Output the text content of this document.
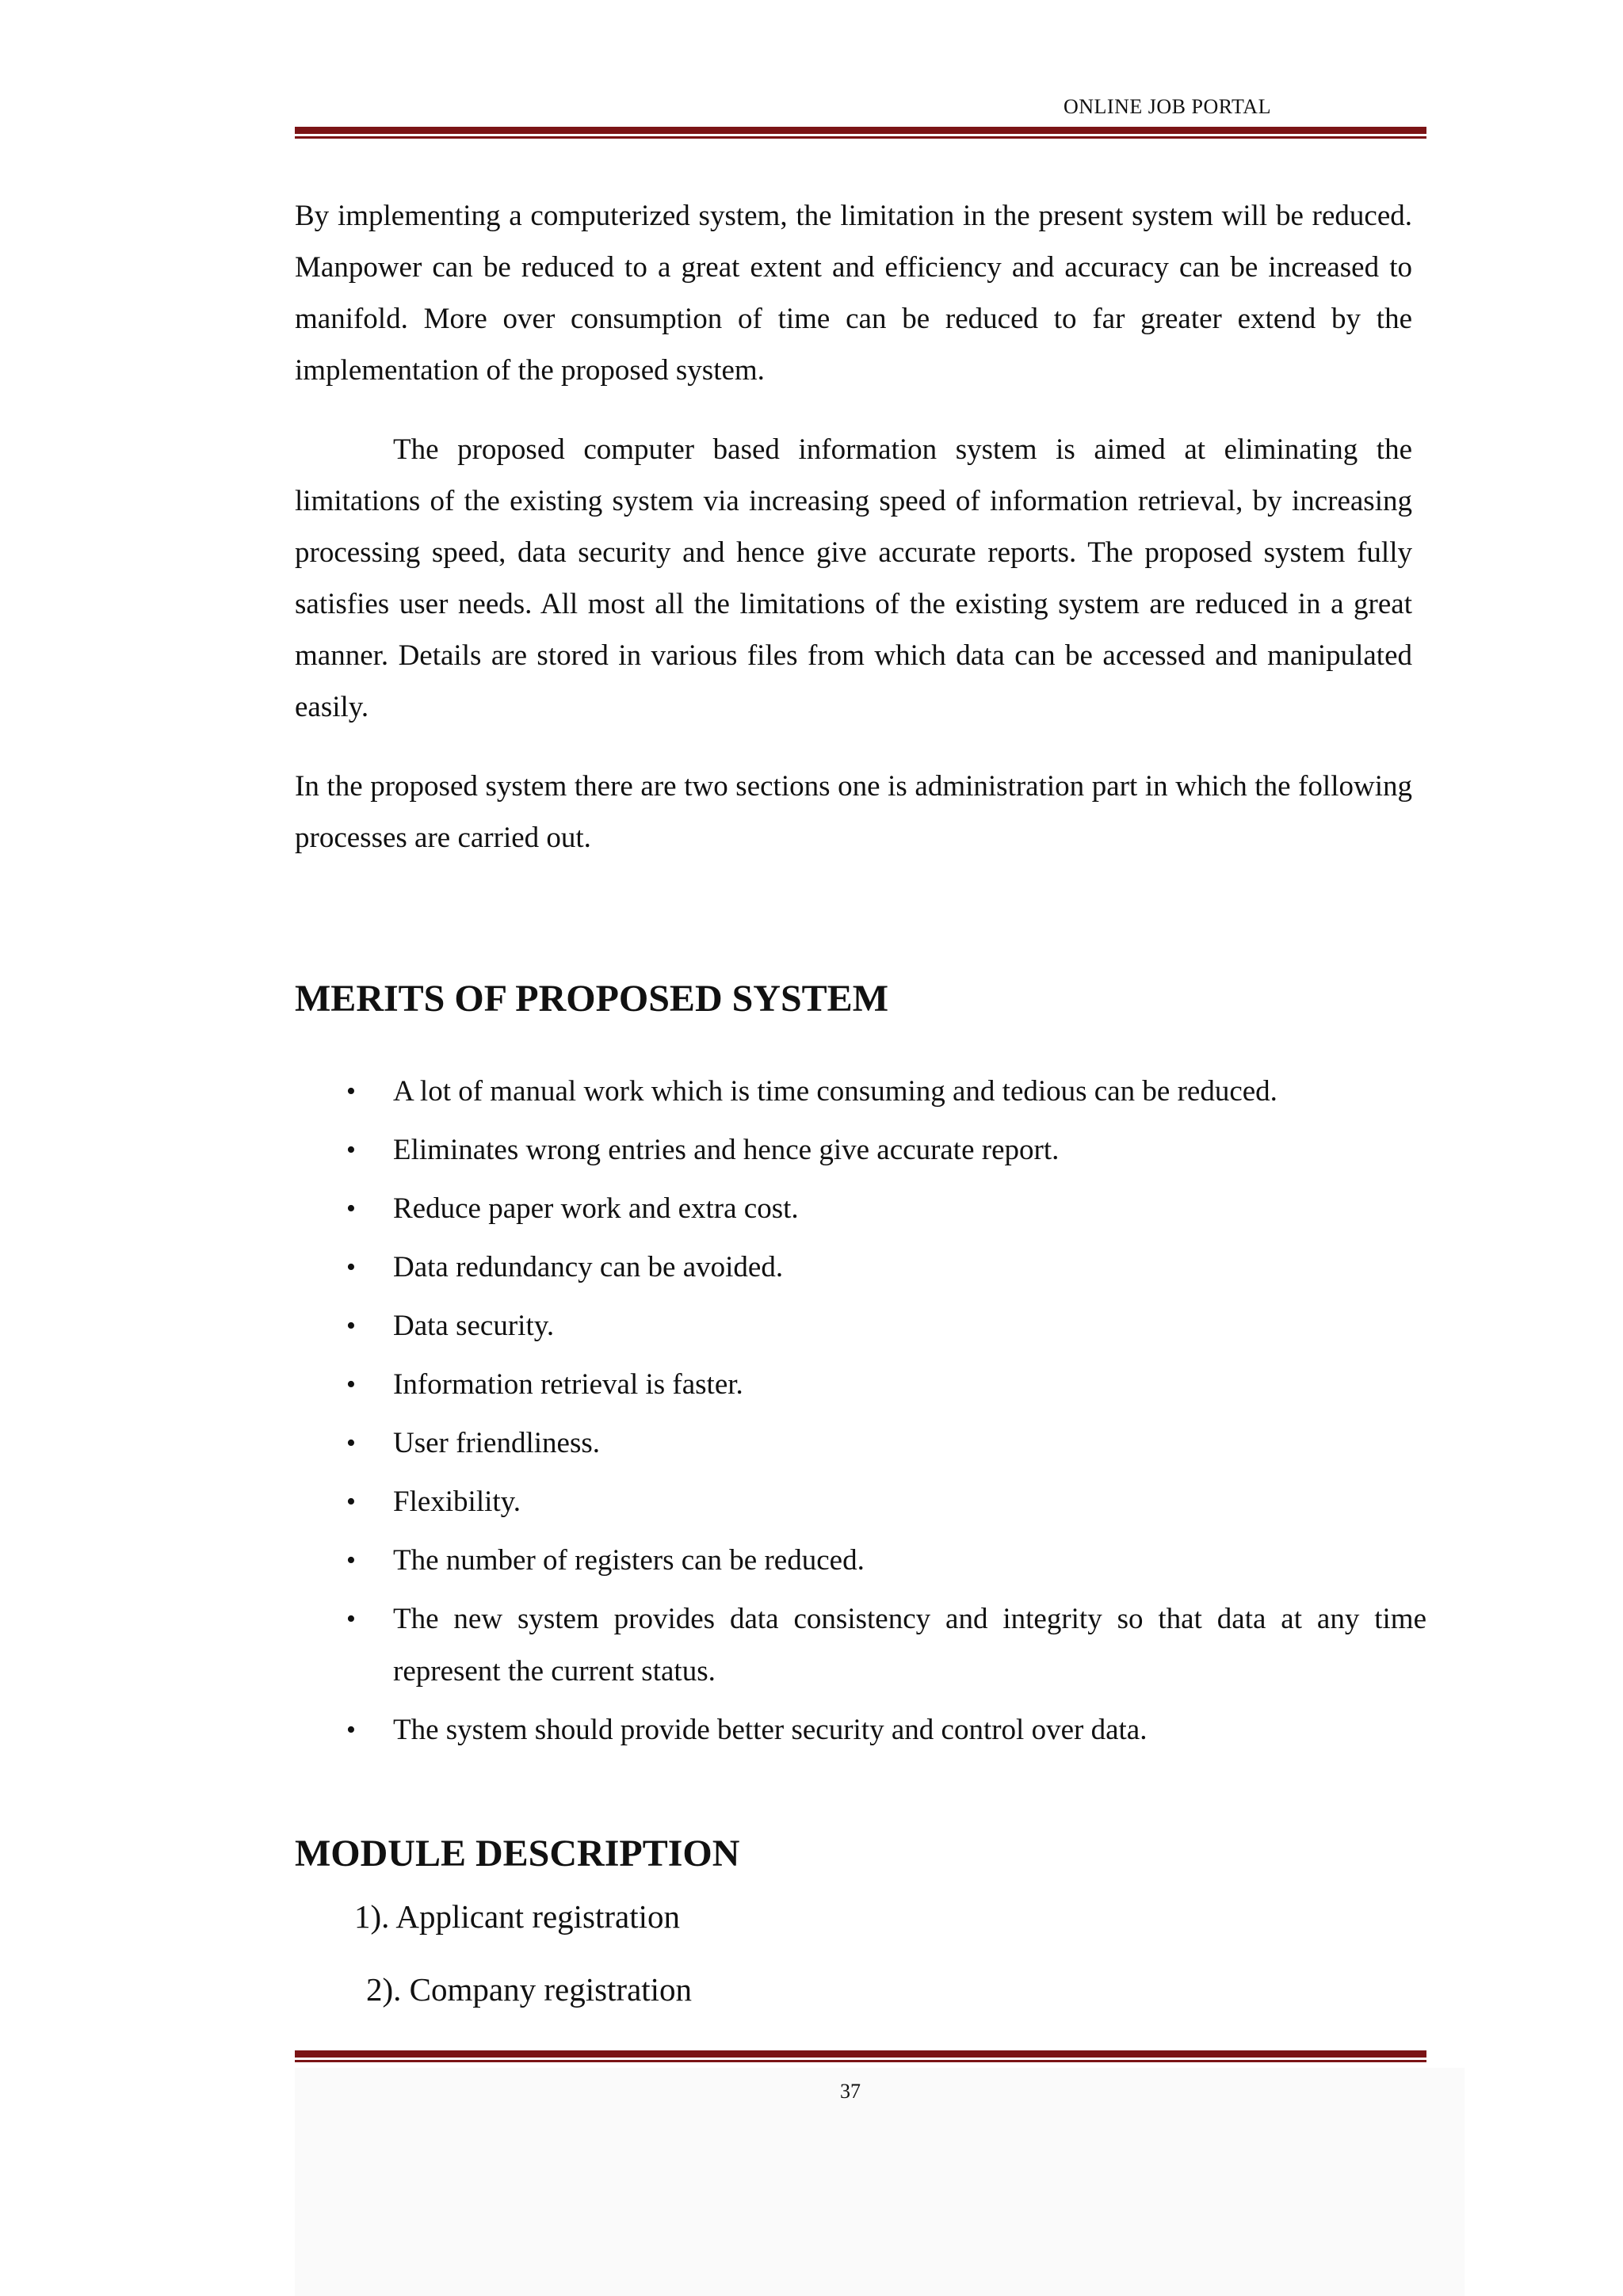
ONLINE JOB PORTAL

By implementing a computerized system, the limitation in the present system will be reduced. Manpower can be reduced to a great extent and efficiency and accuracy can be increased to manifold. More over consumption of time can be reduced to far greater extend by the implementation of the proposed system.

The proposed computer based information system is aimed at eliminating the limitations of the existing system via increasing speed of information retrieval, by increasing processing speed, data security and hence give accurate reports. The proposed system fully satisfies user needs. All most all the limitations of the existing system are reduced in a great manner. Details are stored in various files from which data can be accessed and manipulated easily.

In the proposed system there are two sections one is administration part in which the following processes are carried out.

MERITS OF PROPOSED SYSTEM
• A lot of manual work which is time consuming and tedious can be reduced.
• Eliminates wrong entries and hence give accurate report.
• Reduce paper work and extra cost.
• Data redundancy can be avoided.
• Data security.
• Information retrieval is faster.
• User friendliness.
• Flexibility.
• The number of registers can be reduced.
• The new system provides data consistency and integrity so that data at any time represent the current status.
• The system should provide better security and control over data.
MODULE DESCRIPTION
1). Applicant registration
2). Company registration
37
